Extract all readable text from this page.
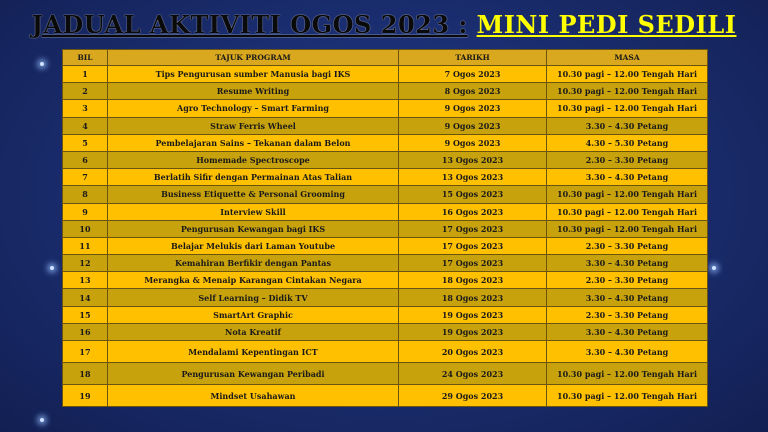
JADUAL AKTIVITI OGOS 2023 : MINI PEDI SEDILI
BIL	TAJUK PROGRAM	TARIKH	MASA
1	Tips Pengurusan sumber Manusia bagi IKS	7 Ogos 2023	10.30 pagi – 12.00 Tengah Hari
2	Resume Writing	8 Ogos 2023	10.30 pagi – 12.00 Tengah Hari
3	Agro Technology – Smart Farming	9 Ogos 2023	10.30 pagi – 12.00 Tengah Hari
4	Straw Ferris Wheel	9 Ogos 2023	3.30 – 4.30 Petang
5	Pembelajaran Sains – Tekanan dalam Belon	9 Ogos 2023	4.30 – 5.30 Petang
6	Homemade Spectroscope	13 Ogos 2023	2.30 – 3.30 Petang
7	Berlatih Sifir dengan Permainan Atas Talian	13 Ogos 2023	3.30 – 4.30 Petang
8	Business Etiquette & Personal Grooming	15 Ogos 2023	10.30 pagi – 12.00 Tengah Hari
9	Interview Skill	16 Ogos 2023	10.30 pagi – 12.00 Tengah Hari
10	Pengurusan Kewangan bagi IKS	17 Ogos 2023	10.30 pagi – 12.00 Tengah Hari
11	Belajar Melukis dari Laman Youtube	17 Ogos 2023	2.30 – 3.30 Petang
12	Kemahiran Berfikir dengan Pantas	17 Ogos 2023	3.30 – 4.30 Petang
13	Merangka & Menaip Karangan Cintakan Negara	18 Ogos 2023	2.30 – 3.30 Petang
14	Self Learning – Didik TV	18 Ogos 2023	3.30 – 4.30 Petang
15	SmartArt Graphic	19 Ogos 2023	2.30 – 3.30 Petang
16	Nota Kreatif	19 Ogos 2023	3.30 – 4.30 Petang
17	Mendalami Kepentingan ICT	20 Ogos 2023	3.30 – 4.30 Petang
18	Pengurusan Kewangan Peribadi	24 Ogos 2023	10.30 pagi – 12.00 Tengah Hari
19	Mindset Usahawan	29 Ogos 2023	10.30 pagi – 12.00 Tengah Hari
